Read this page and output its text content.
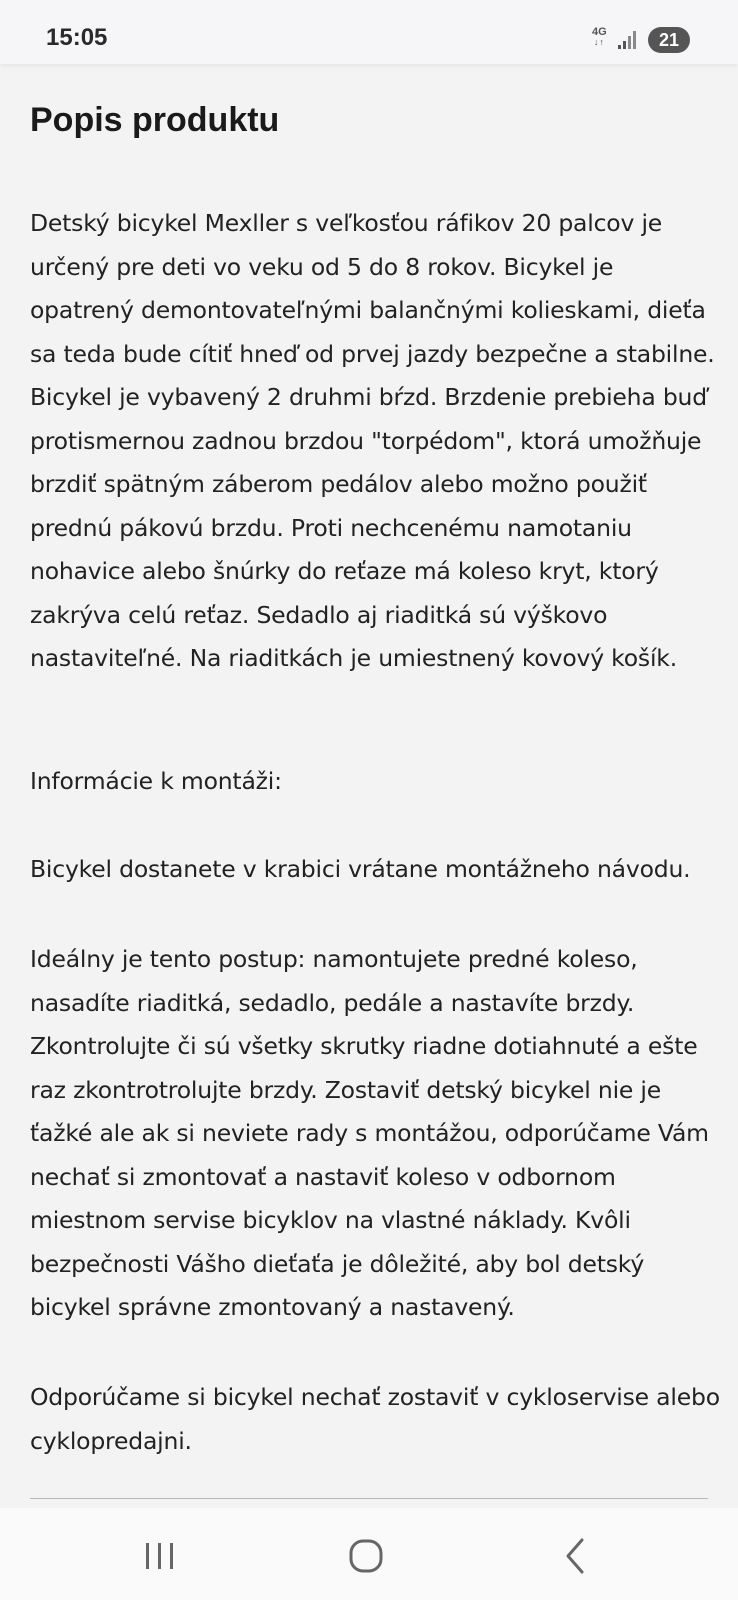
15:05	4G
↓↑	21
Popis produktu

Detský bicykel Mexller s veľkosťou ráfikov 20 palcov je určený pre deti vo veku od 5 do 8 rokov. Bicykel je opatrený demontovateľnými balančnými kolieskami, dieťa sa teda bude cítiť hneď od prvej jazdy bezpečne a stabilne. Bicykel je vybavený 2 druhmi bŕzd. Brzdenie prebieha buď protismernou zadnou brzdou "torpédom", ktorá umožňuje brzdiť spätným záberom pedálov alebo možno použiť prednú pákovú brzdu. Proti nechcenému namotaniu nohavice alebo šnúrky do reťaze má koleso kryt, ktorý zakrýva celú reťaz. Sedadlo aj riaditká sú výškovo nastaviteľné. Na riaditkách je umiestnený kovový košík.

Informácie k montáži:

Bicykel dostanete v krabici vrátane montážneho návodu.

Ideálny je tento postup: namontujete predné koleso, nasadíte riaditká, sedadlo, pedále a nastavíte brzdy. Zkontrolujte či sú všetky skrutky riadne dotiahnuté a ešte raz zkontrotrolujte brzdy. Zostaviť detský bicykel nie je ťažké ale ak si neviete rady s montážou, odporúčame Vám nechať si zmontovať a nastaviť koleso v odbornom miestnom servise bicyklov na vlastné náklady. Kvôli bezpečnosti Vášho dieťaťa je dôležité, aby bol detský bicykel správne zmontovaný a nastavený.

Odporúčame si bicykel nechať zostaviť v cykloservise alebo cyklopredajni.
